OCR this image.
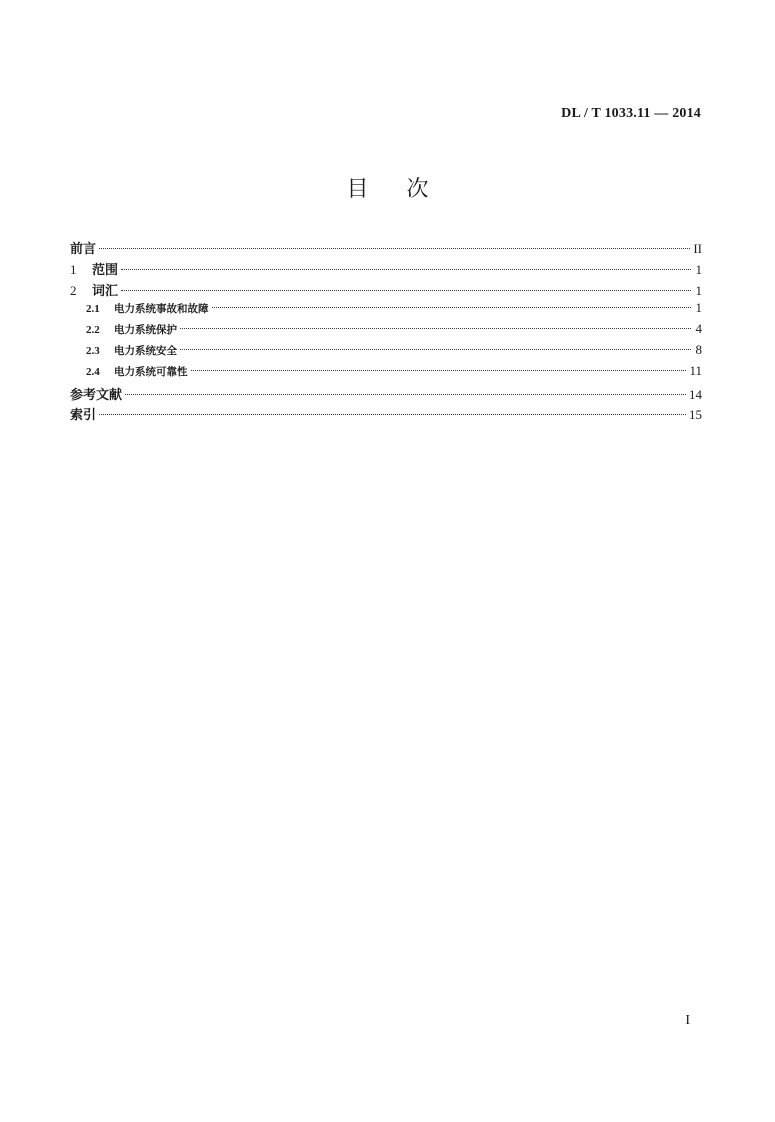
DL / T 1033.11 — 2014
目次
前言	II
1	范围	1
2	词汇	1
2.1	电力系统事故和故障	1
2.2	电力系统保护	4
2.3	电力系统安全	8
2.4	电力系统可靠性	11
参考文献	14
索引	15
I
